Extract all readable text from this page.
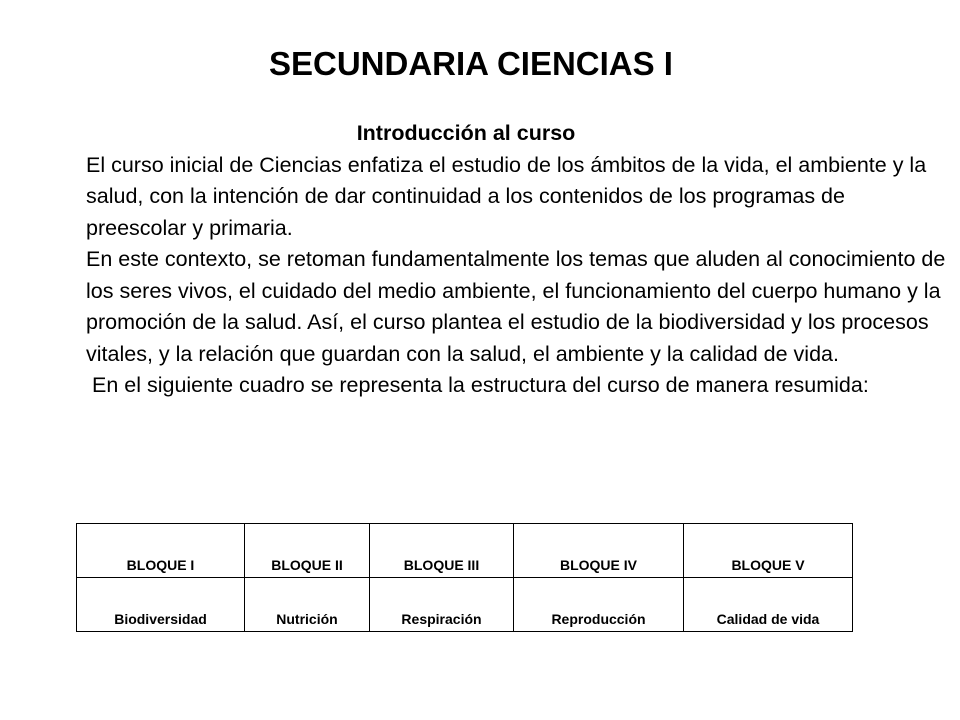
SECUNDARIA CIENCIAS I
Introducción al curso

El curso inicial de Ciencias enfatiza el estudio de los ámbitos de la vida, el ambiente y la salud, con la intención de dar continuidad a los contenidos de los programas de preescolar y primaria.

En este contexto, se retoman fundamentalmente los temas que aluden al conocimiento de los seres vivos, el cuidado del medio ambiente, el funcionamiento del cuerpo humano y la promoción de la salud. Así, el curso plantea el estudio de la biodiversidad y los procesos vitales, y la relación que guardan con la salud, el ambiente y la calidad de vida.

En el siguiente cuadro se representa la estructura del curso de manera resumida:

BLOQUE I	BLOQUE II	BLOQUE III	BLOQUE IV	BLOQUE V
Biodiversidad	Nutrición	Respiración	Reproducción	Calidad de vida
